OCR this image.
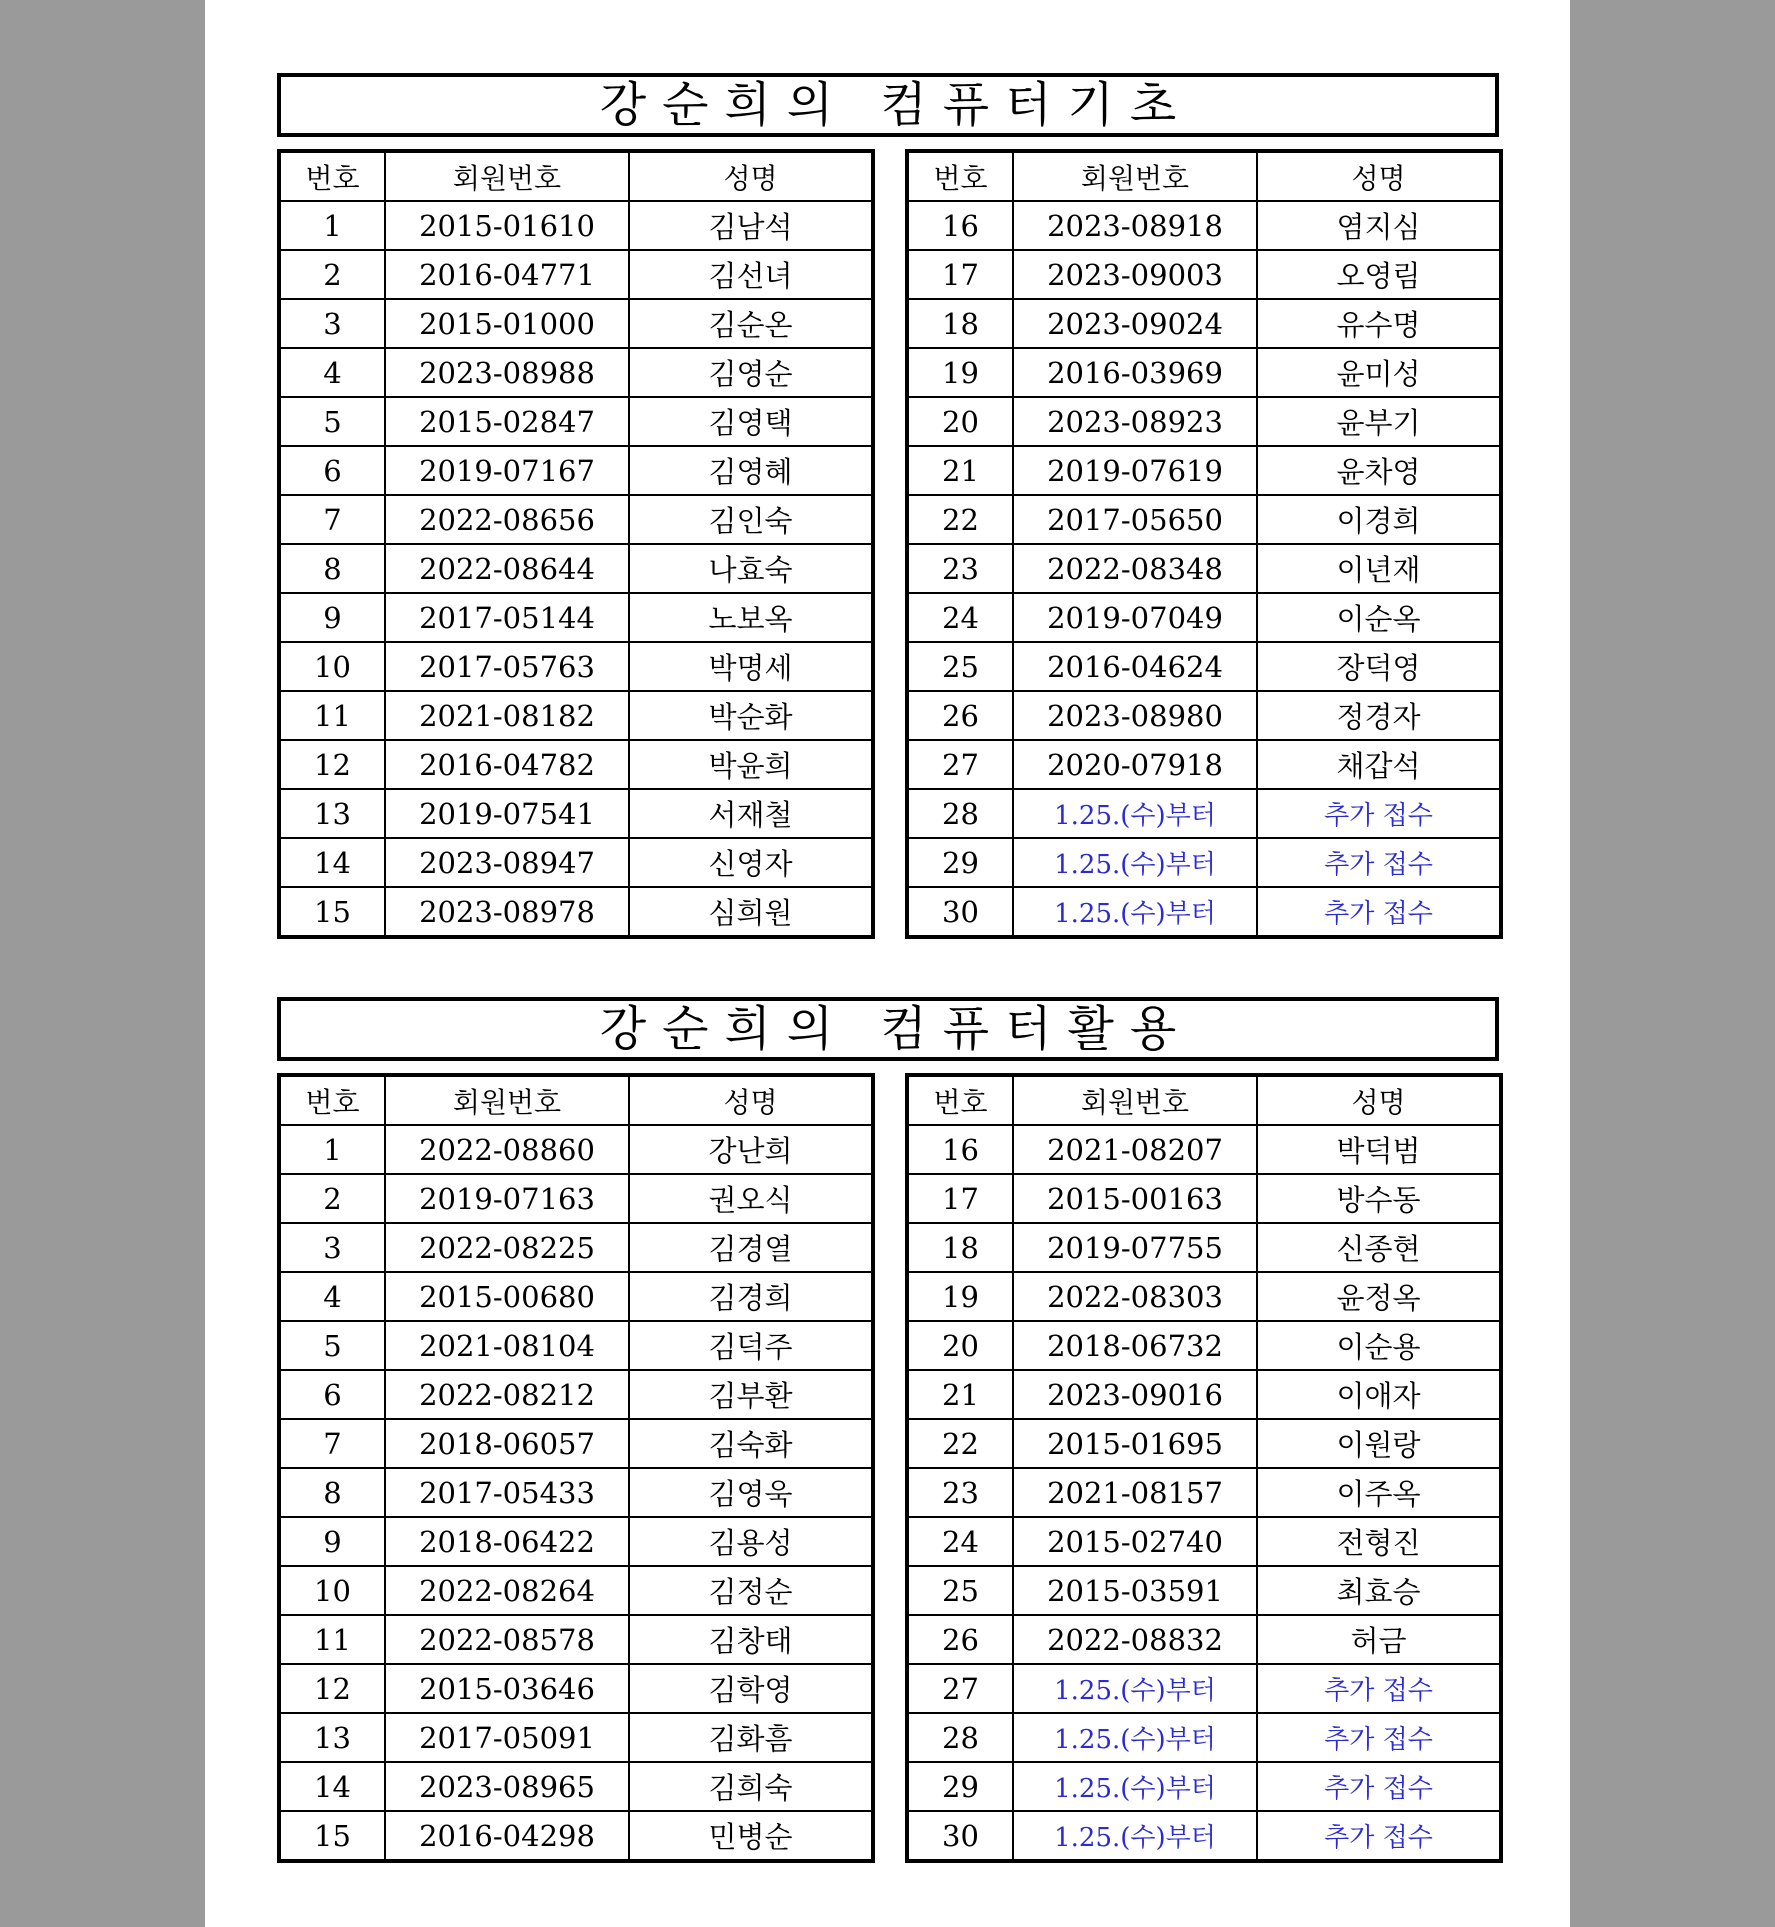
강순희의 컴퓨터기초
번호	회원번호	성명
1	2015-01610	김남석
2	2016-04771	김선녀
3	2015-01000	김순온
4	2023-08988	김영순
5	2015-02847	김영택
6	2019-07167	김영혜
7	2022-08656	김인숙
8	2022-08644	나효숙
9	2017-05144	노보옥
10	2017-05763	박명세
11	2021-08182	박순화
12	2016-04782	박윤희
13	2019-07541	서재철
14	2023-08947	신영자
15	2023-08978	심희원
번호	회원번호	성명
16	2023-08918	염지심
17	2023-09003	오영림
18	2023-09024	유수명
19	2016-03969	윤미성
20	2023-08923	윤부기
21	2019-07619	윤차영
22	2017-05650	이경희
23	2022-08348	이년재
24	2019-07049	이순옥
25	2016-04624	장덕영
26	2023-08980	정경자
27	2020-07918	채갑석
28	1.25.(수)부터	추가 접수
29	1.25.(수)부터	추가 접수
30	1.25.(수)부터	추가 접수
강순희의 컴퓨터활용
번호	회원번호	성명
1	2022-08860	강난희
2	2019-07163	권오식
3	2022-08225	김경열
4	2015-00680	김경희
5	2021-08104	김덕주
6	2022-08212	김부환
7	2018-06057	김숙화
8	2017-05433	김영욱
9	2018-06422	김용성
10	2022-08264	김정순
11	2022-08578	김창태
12	2015-03646	김학영
13	2017-05091	김화흠
14	2023-08965	김희숙
15	2016-04298	민병순
번호	회원번호	성명
16	2021-08207	박덕범
17	2015-00163	방수동
18	2019-07755	신종현
19	2022-08303	윤정옥
20	2018-06732	이순용
21	2023-09016	이애자
22	2015-01695	이원랑
23	2021-08157	이주옥
24	2015-02740	전형진
25	2015-03591	최효승
26	2022-08832	허금
27	1.25.(수)부터	추가 접수
28	1.25.(수)부터	추가 접수
29	1.25.(수)부터	추가 접수
30	1.25.(수)부터	추가 접수
